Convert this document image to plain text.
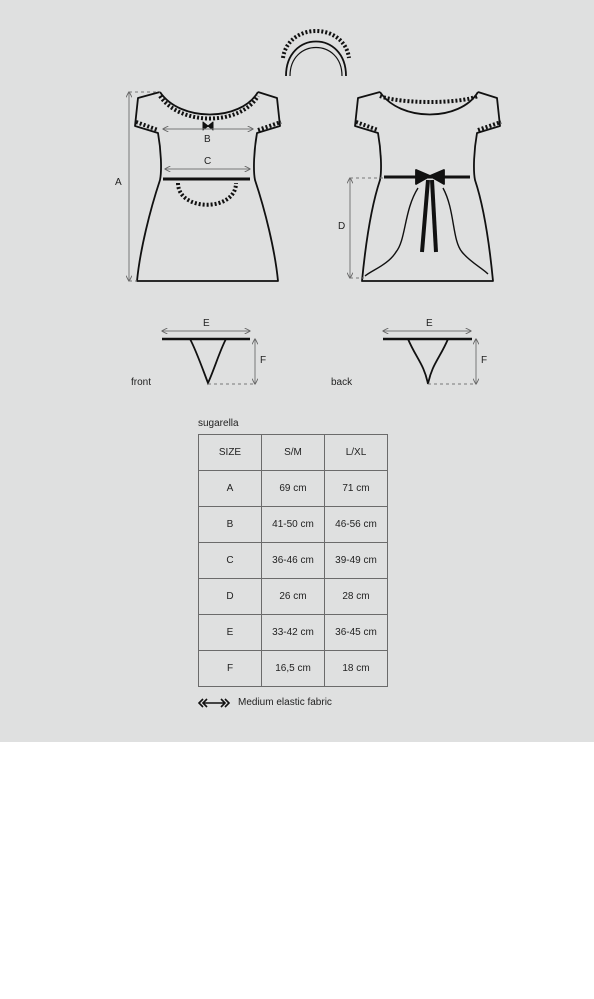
A
B
C
D
E	E
F	F
front	back
sugarella
SIZE	S/M	L/XL
A	69 cm	71 cm
B	41-50 cm	46-56 cm
C	36-46 cm	39-49 cm
D	26 cm	28 cm
E	33-42 cm	36-45 cm
F	16,5 cm	18 cm
Medium elastic fabric
